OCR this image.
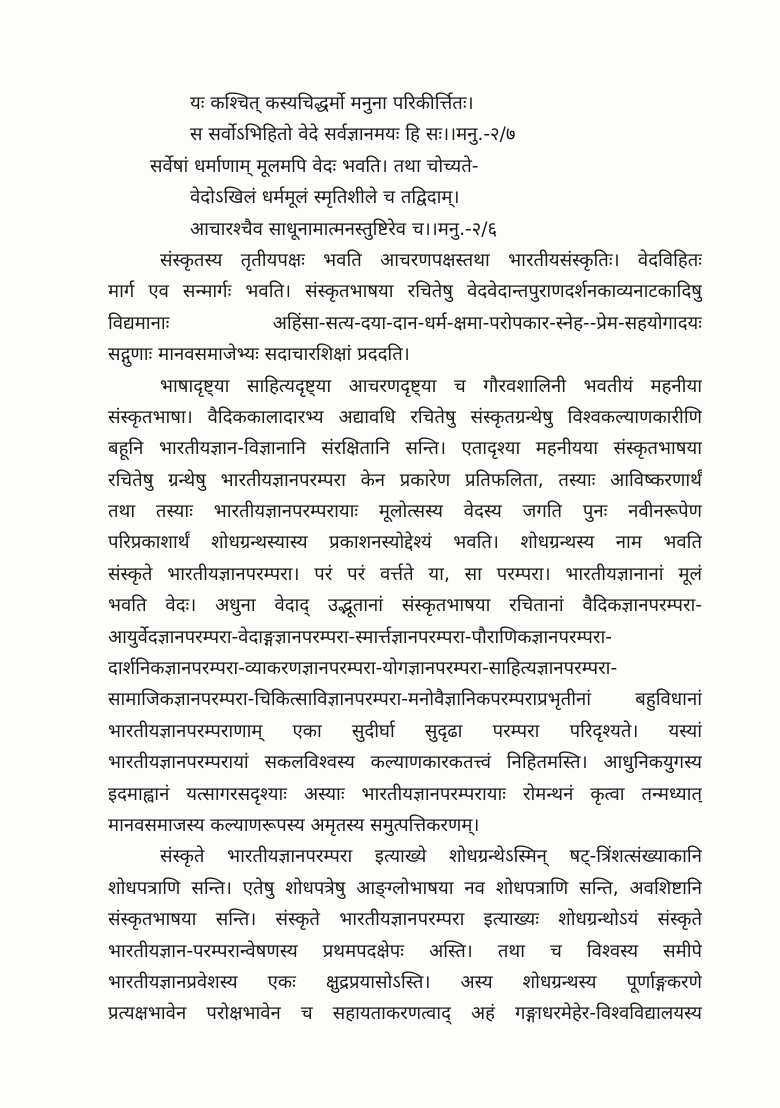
यः कश्चित् कस्यचिद्धर्मो मनुना परिकीर्त्तितः।
स सर्वोऽभिहितो वेदे सर्वज्ञानमयः हि सः।।मनु.-२/७
सर्वेषां धर्माणाम् मूलमपि वेदः भवति। तथा चोच्यते-
वेदोऽखिलं धर्ममूलं स्मृतिशीले च तद्विदाम्।
आचारश्चैव साधूनामात्मनस्तुष्टिरेव च।।मनु.-२/६
संस्कृतस्य तृतीयपक्षः भवति आचरणपक्षस्तथा भारतीयसंस्कृतिः। वेदविहितः
मार्ग एव सन्मार्गः भवति। संस्कृतभाषया रचितेषु वेदवेदान्तपुराणदर्शनकाव्यनाटकादिषु
विद्यमानाः अहिंसा-सत्य-दया-दान-धर्म-क्षमा-परोपकार-स्नेह--प्रेम-सहयोगादयः
सद्गुणाः मानवसमाजेभ्यः सदाचारशिक्षां प्रददति।
भाषादृष्ट्या साहित्यदृष्ट्या आचरणदृष्ट्या च गौरवशालिनी भवतीयं महनीया
संस्कृतभाषा। वैदिककालादारभ्य अद्यावधि रचितेषु संस्कृतग्रन्थेषु विश्वकल्याणकारीणि
बहूनि भारतीयज्ञान-विज्ञानानि संरक्षितानि सन्ति। एतादृश्या महनीयया संस्कृतभाषया
रचितेषु ग्रन्थेषु भारतीयज्ञानपरम्परा केन प्रकारेण प्रतिफलिता, तस्याः आविष्करणार्थं
तथा तस्याः भारतीयज्ञानपरम्परायाः मूलोत्सस्य वेदस्य जगति पुनः नवीनरूपेण
परिप्रकाशार्थं शोधग्रन्थस्यास्य प्रकाशनस्योद्देश्यं भवति। शोधग्रन्थस्य नाम भवति
संस्कृते भारतीयज्ञानपरम्परा। परं परं वर्त्तते या, सा परम्परा। भारतीयज्ञानानां मूलं
भवति वेदः। अधुना वेदाद् उद्भूतानां संस्कृतभाषया रचितानां वैदिकज्ञानपरम्परा-
आयुर्वेदज्ञानपरम्परा-वेदाङ्गज्ञानपरम्परा-स्मार्त्तज्ञानपरम्परा-पौराणिकज्ञानपरम्परा-
दार्शनिकज्ञानपरम्परा-व्याकरणज्ञानपरम्परा-योगज्ञानपरम्परा-साहित्यज्ञानपरम्परा-
सामाजिकज्ञानपरम्परा-चिकित्साविज्ञानपरम्परा-मनोवैज्ञानिकपरम्पराप्रभृतीनां बहुविधानां
भारतीयज्ञानपरम्पराणाम् एका सुदीर्घा सुदृढा परम्परा परिदृश्यते। यस्यां
भारतीयज्ञानपरम्परायां सकलविश्वस्य कल्याणकारकतत्त्वं निहितमस्ति। आधुनिकयुगस्य
इदमाह्वानं यत्सागरसदृश्याः अस्याः भारतीयज्ञानपरम्परायाः रोमन्थनं कृत्वा तन्मध्यात्
मानवसमाजस्य कल्याणरूपस्य अमृतस्य समुत्पत्तिकरणम्।
संस्कृते भारतीयज्ञानपरम्परा इत्याख्ये शोधग्रन्थेऽस्मिन् षट्-त्रिंशत्संख्याकानि
शोधपत्राणि सन्ति। एतेषु शोधपत्रेषु आङ्ग्लोभाषया नव शोधपत्राणि सन्ति, अवशिष्टानि
संस्कृतभाषया सन्ति। संस्कृते भारतीयज्ञानपरम्परा इत्याख्यः शोधग्रन्थोऽयं संस्कृते
भारतीयज्ञान-परम्परान्वेषणस्य प्रथमपदक्षेपः अस्ति। तथा च विश्वस्य समीपे
भारतीयज्ञानप्रवेशस्य एकः क्षुद्रप्रयासोऽस्ति। अस्य शोधग्रन्थस्य पूर्णाङ्गकरणे
प्रत्यक्षभावेन परोक्षभावेन च सहायताकरणत्वाद् अहं गङ्गाधरमेहेर-विश्वविद्यालयस्य
